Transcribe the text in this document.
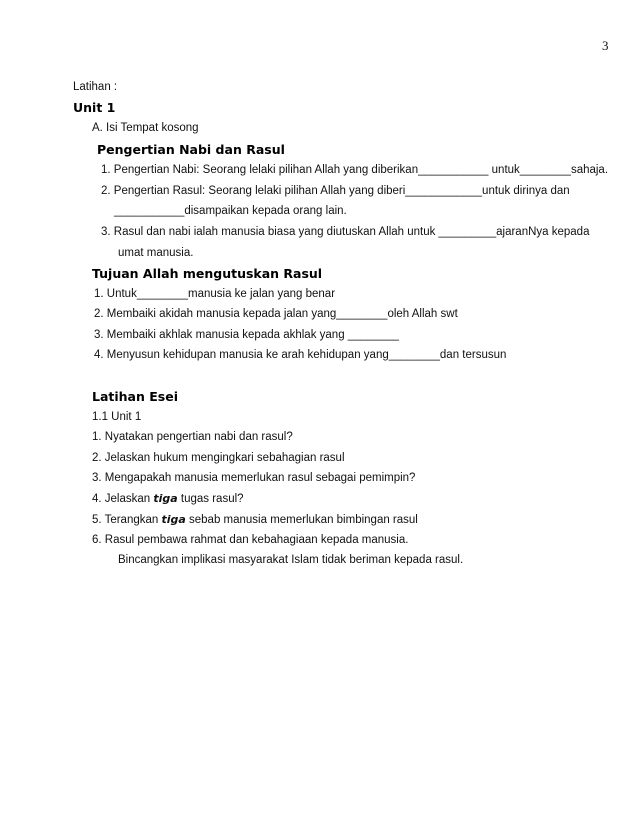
3
Latihan :
Unit 1
A. Isi Tempat kosong
Pengertian Nabi dan Rasul
1. Pengertian Nabi: Seorang lelaki pilihan Allah yang diberikan___________ untuk________sahaja.
2. Pengertian Rasul: Seorang lelaki pilihan Allah yang diberi____________untuk dirinya dan
___________disampaikan kepada orang lain.
3. Rasul dan nabi ialah manusia biasa yang diutuskan Allah untuk _________ajaranNya kepada
umat manusia.
Tujuan Allah mengutuskan Rasul
1. Untuk________manusia ke jalan yang benar
2. Membaiki akidah manusia kepada jalan yang________oleh Allah swt
3. Membaiki akhlak manusia kepada akhlak yang ________
4. Menyusun kehidupan manusia ke arah kehidupan yang________dan tersusun
Latihan Esei
1.1 Unit 1
1. Nyatakan pengertian nabi dan rasul?
2. Jelaskan hukum mengingkari sebahagian rasul
3. Mengapakah manusia memerlukan rasul sebagai pemimpin?
4. Jelaskan tiga tugas rasul?
5. Terangkan tiga sebab manusia memerlukan bimbingan rasul
6. Rasul pembawa rahmat dan kebahagiaan kepada manusia.
Bincangkan implikasi masyarakat Islam tidak beriman kepada rasul.
